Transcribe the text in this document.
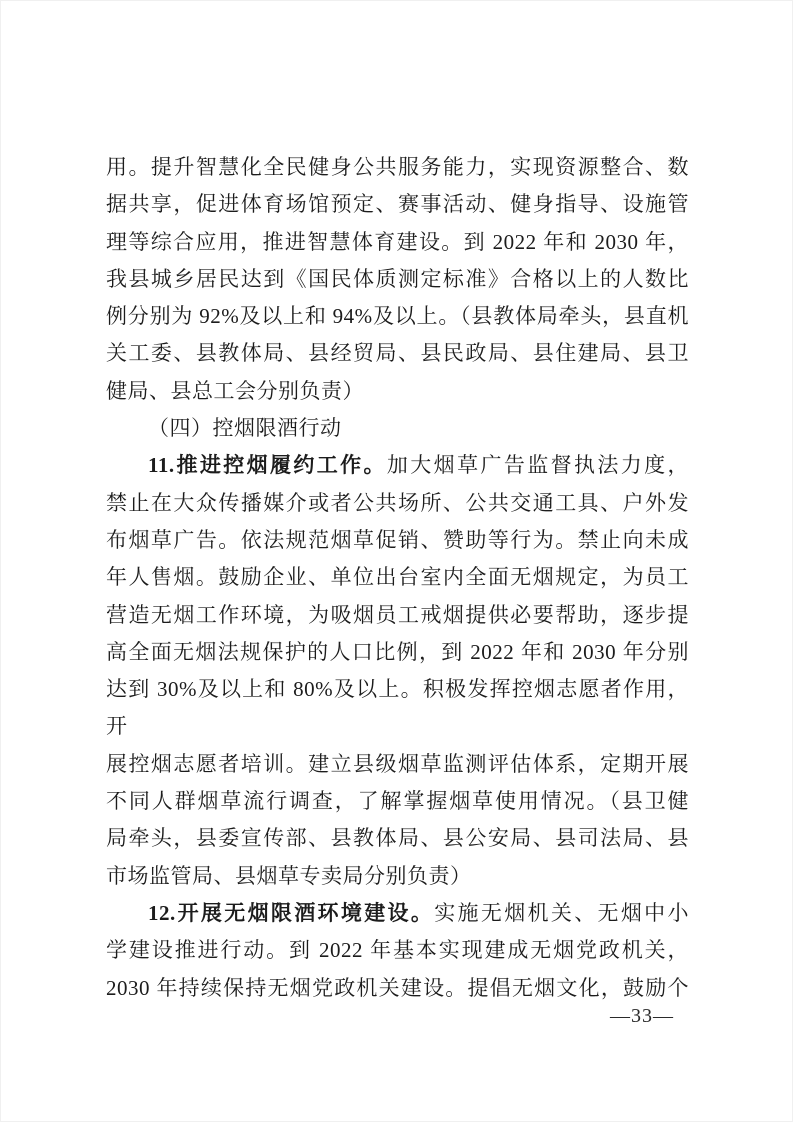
用。提升智慧化全民健身公共服务能力，实现资源整合、数
据共享，促进体育场馆预定、赛事活动、健身指导、设施管
理等综合应用，推进智慧体育建设。到 2022 年和 2030 年，
我县城乡居民达到《国民体质测定标准》合格以上的人数比
例分别为 92%及以上和 94%及以上。（县教体局牵头，县直机
关工委、县教体局、县经贸局、县民政局、县住建局、县卫
健局、县总工会分别负责）
（四）控烟限酒行动
11.推进控烟履约工作。加大烟草广告监督执法力度，
禁止在大众传播媒介或者公共场所、公共交通工具、户外发
布烟草广告。依法规范烟草促销、赞助等行为。禁止向未成
年人售烟。鼓励企业、单位出台室内全面无烟规定，为员工
营造无烟工作环境，为吸烟员工戒烟提供必要帮助，逐步提
高全面无烟法规保护的人口比例，到 2022 年和 2030 年分别
达到 30%及以上和 80%及以上。积极发挥控烟志愿者作用，开
展控烟志愿者培训。建立县级烟草监测评估体系，定期开展
不同人群烟草流行调查，了解掌握烟草使用情况。（县卫健
局牵头，县委宣传部、县教体局、县公安局、县司法局、县
市场监管局、县烟草专卖局分别负责）
12.开展无烟限酒环境建设。实施无烟机关、无烟中小
学建设推进行动。到 2022 年基本实现建成无烟党政机关，
2030 年持续保持无烟党政机关建设。提倡无烟文化，鼓励个
—33—
